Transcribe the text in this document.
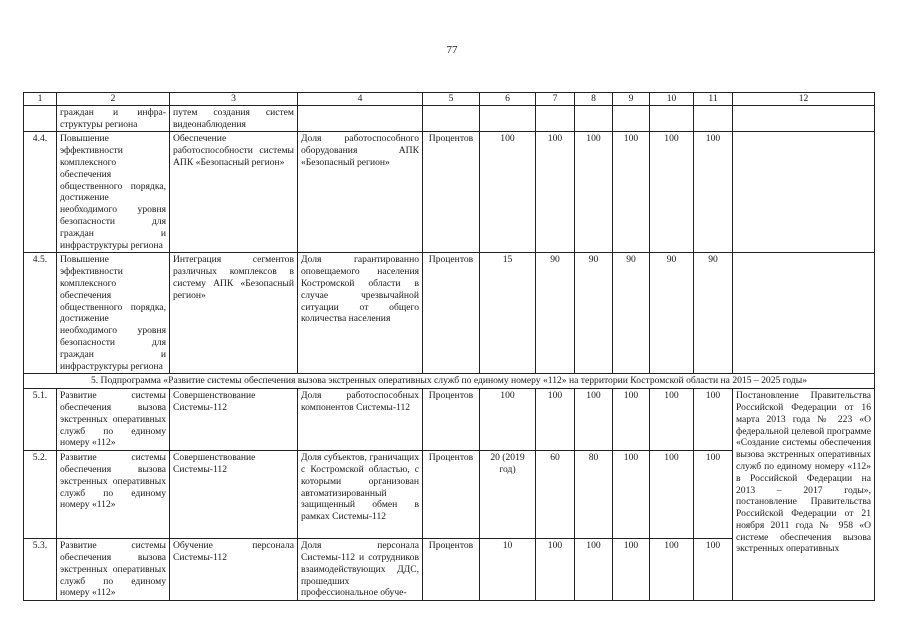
77
1	2	3	4	5	6	7	8	9	10	11	12
	граждан и инфра-структуры региона	путем создания систем видеонаблюдения									
4.4.	Повышение эффективности комплексного обеспечения общественного порядка, достижение необходимого уровня безопасности для граждан и инфраструктуры региона	Обеспечение работоспособности системы АПК «Безопасный регион»	Доля работоспособного оборудования АПК «Безопасный регион»	Процентов	100	100	100	100	100	100	
4.5.	Повышение эффективности комплексного обеспечения общественного порядка, достижение необходимого уровня безопасности для граждан и инфраструктуры региона	Интеграция сегментов различных комплексов в систему АПК «Безопасный регион»	Доля гарантированно оповещаемого населения Костромской области в случае чрезвычайной ситуации от общего количества населения	Процентов	15	90	90	90	90	90	
5. Подпрограмма «Развитие системы обеспечения вызова экстренных оперативных служб по единому номеру «112» на территории Костромской области на 2015 – 2025 годы»											
5.1.	Развитие системы обеспечения вызова экстренных оперативных служб по единому номеру «112»	Совершенствование Системы-112	Доля работоспособных компонентов Системы-112	Процентов	100	100	100	100	100	100	Постановление Правительства Российской Федерации от 16 марта 2013 года № 223 «О федеральной целевой программе «Создание системы обеспечения вызова экстренных оперативных служб по единому номеру «112» в Российской Федерации на 2013 – 2017 годы», постановление Правительства Российской Федерации от 21 ноября 2011 года № 958 «О системе обеспечения вызова экстренных оперативных
5.2.	Развитие системы обеспечения вызова экстренных оперативных служб по единому номеру «112»	Совершенствование Системы-112	Доля субъектов, граничащих с Костромской областью, с которыми организован автоматизированный защищенный обмен в рамках Системы-112	Процентов	20 (2019 год)	60	80	100	100	100	
5.3.	Развитие системы обеспечения вызова экстренных оперативных служб по единому номеру «112»	Обучение персонала Системы-112	Доля персонала Системы-112 и сотрудников взаимодействующих ДДС, прошедших профессиональное обуче-	Процентов	10	100	100	100	100	100	
